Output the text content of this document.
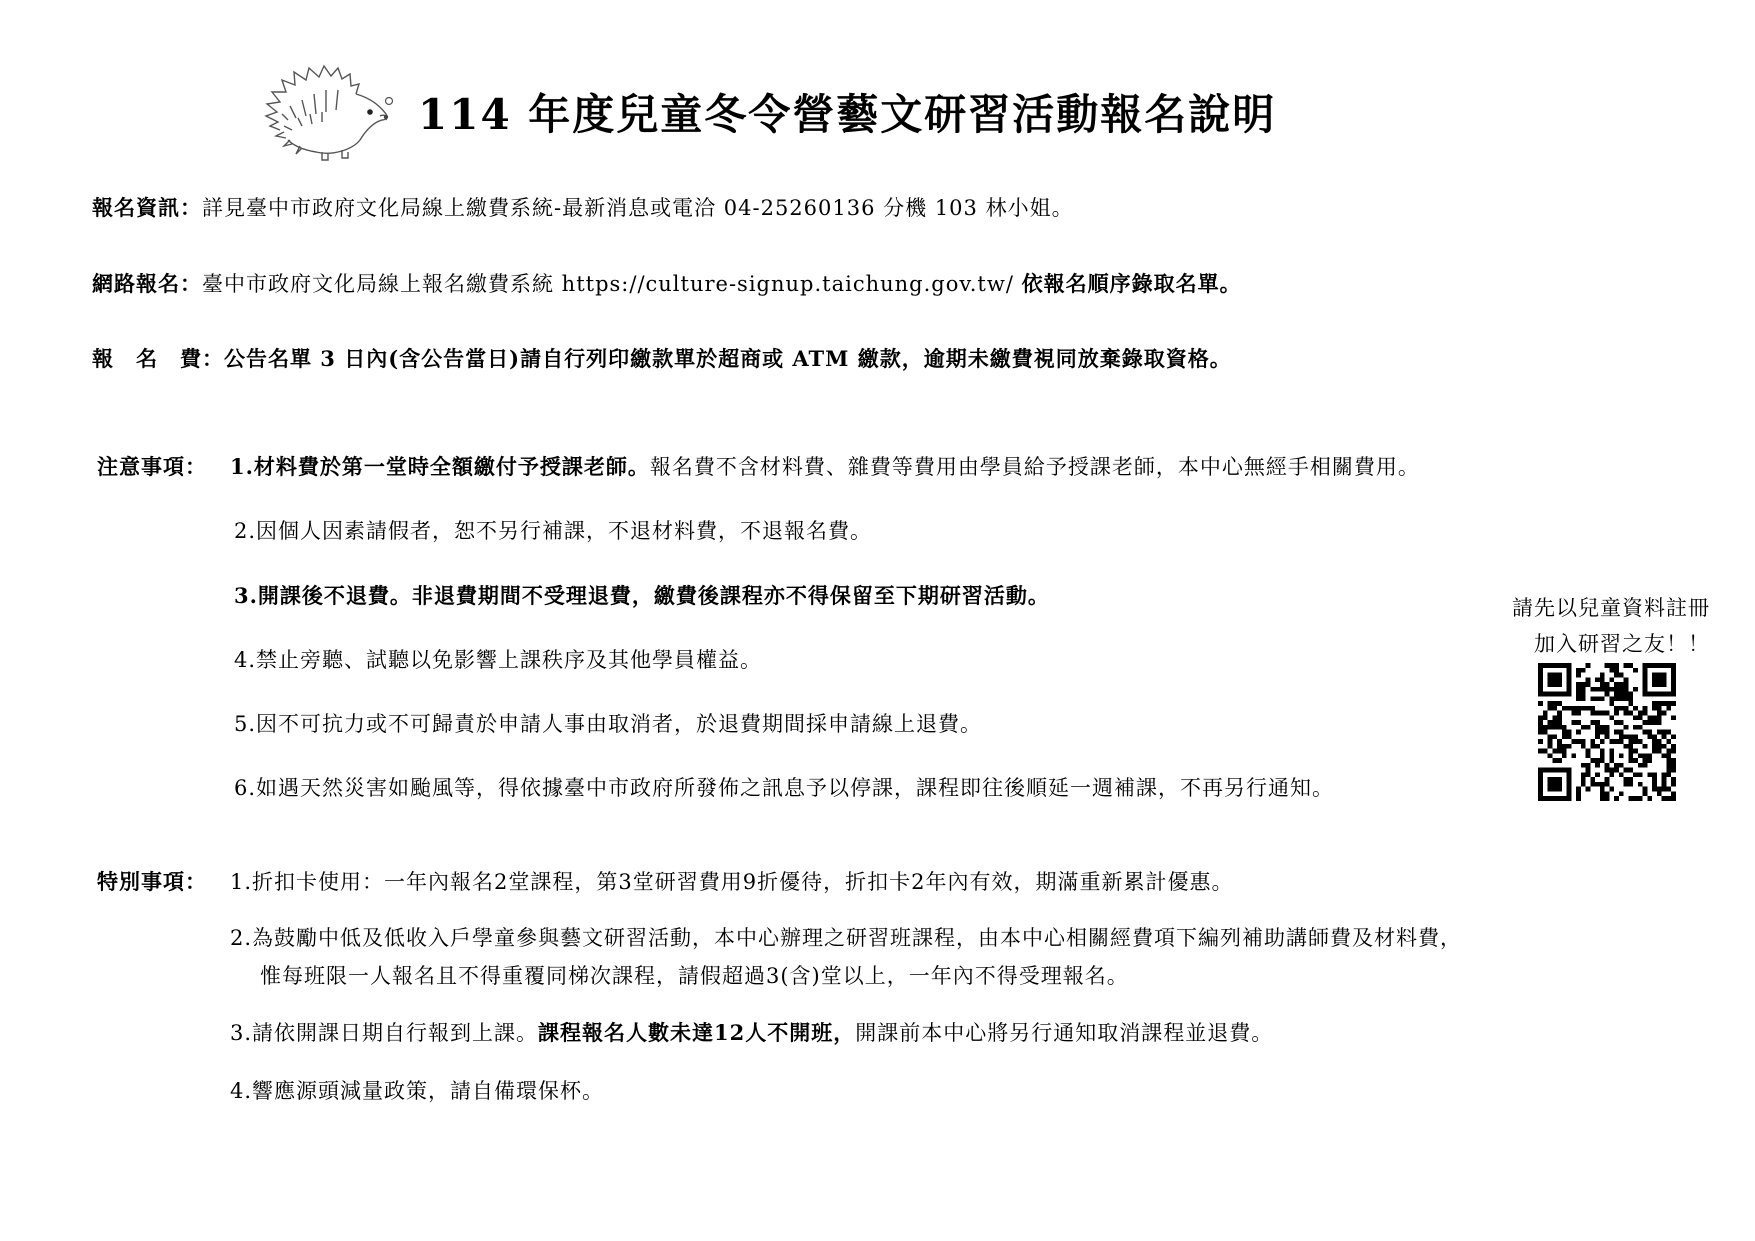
114 年度兒童冬令營藝文研習活動報名說明
報名資訊：詳見臺中市政府文化局線上繳費系統-最新消息或電洽 04-25260136 分機 103 林小姐。
網路報名：臺中市政府文化局線上報名繳費系統 https://culture-signup.taichung.gov.tw/ 依報名順序錄取名單。
報　名　費：公告名單 3 日內(含公告當日)請自行列印繳款單於超商或 ATM 繳款，逾期未繳費視同放棄錄取資格。
注意事項： 1.材料費於第一堂時全額繳付予授課老師。報名費不含材料費、雜費等費用由學員給予授課老師，本中心無經手相關費用。
2.因個人因素請假者，恕不另行補課，不退材料費，不退報名費。
3.開課後不退費。非退費期間不受理退費，繳費後課程亦不得保留至下期研習活動。
4.禁止旁聽、試聽以免影響上課秩序及其他學員權益。
5.因不可抗力或不可歸責於申請人事由取消者，於退費期間採申請線上退費。
6.如遇天然災害如颱風等，得依據臺中市政府所發佈之訊息予以停課，課程即往後順延一週補課，不再另行通知。
請先以兒童資料註冊
加入研習之友！！
特別事項： 1.折扣卡使用：一年內報名2堂課程，第3堂研習費用9折優待，折扣卡2年內有效，期滿重新累計優惠。
2.為鼓勵中低及低收入戶學童參與藝文研習活動，本中心辦理之研習班課程，由本中心相關經費項下編列補助講師費及材料費，
惟每班限一人報名且不得重覆同梯次課程，請假超過3(含)堂以上，一年內不得受理報名。
3.請依開課日期自行報到上課。課程報名人數未達12人不開班，開課前本中心將另行通知取消課程並退費。
4.響應源頭減量政策，請自備環保杯。
